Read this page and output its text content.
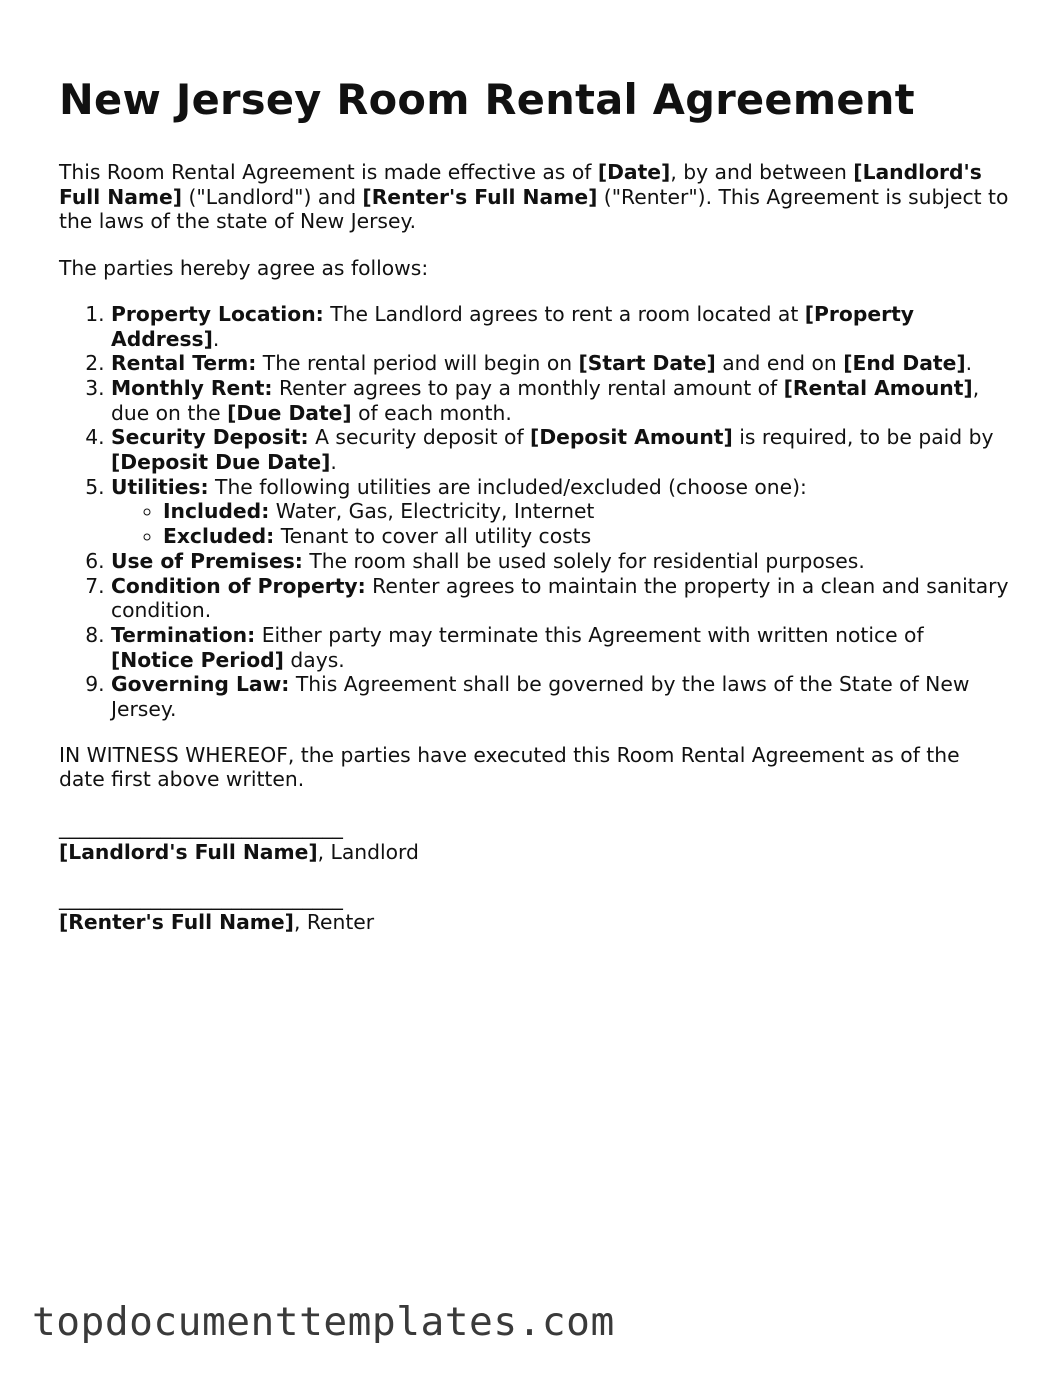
New Jersey Room Rental Agreement

This Room Rental Agreement is made effective as of [Date], by and between [Landlord's Full Name] ("Landlord") and [Renter's Full Name] ("Renter"). This Agreement is subject to the laws of the state of New Jersey.

The parties hereby agree as follows:

1. Property Location: The Landlord agrees to rent a room located at [Property Address].
2. Rental Term: The rental period will begin on [Start Date] and end on [End Date].
3. Monthly Rent: Renter agrees to pay a monthly rental amount of [Rental Amount], due on the [Due Date] of each month.
4. Security Deposit: A security deposit of [Deposit Amount] is required, to be paid by [Deposit Due Date].
5. Utilities: The following utilities are included/excluded (choose one):
◦ Included: Water, Gas, Electricity, Internet
◦ Excluded: Tenant to cover all utility costs
6. Use of Premises: The room shall be used solely for residential purposes.
7. Condition of Property: Renter agrees to maintain the property in a clean and sanitary condition.
8. Termination: Either party may terminate this Agreement with written notice of [Notice Period] days.
9. Governing Law: This Agreement shall be governed by the laws of the State of New Jersey.

IN WITNESS WHEREOF, the parties have executed this Room Rental Agreement as of the date first above written.

____________________________
[Landlord's Full Name], Landlord
____________________________
[Renter's Full Name], Renter
topdocumenttemplates.com
